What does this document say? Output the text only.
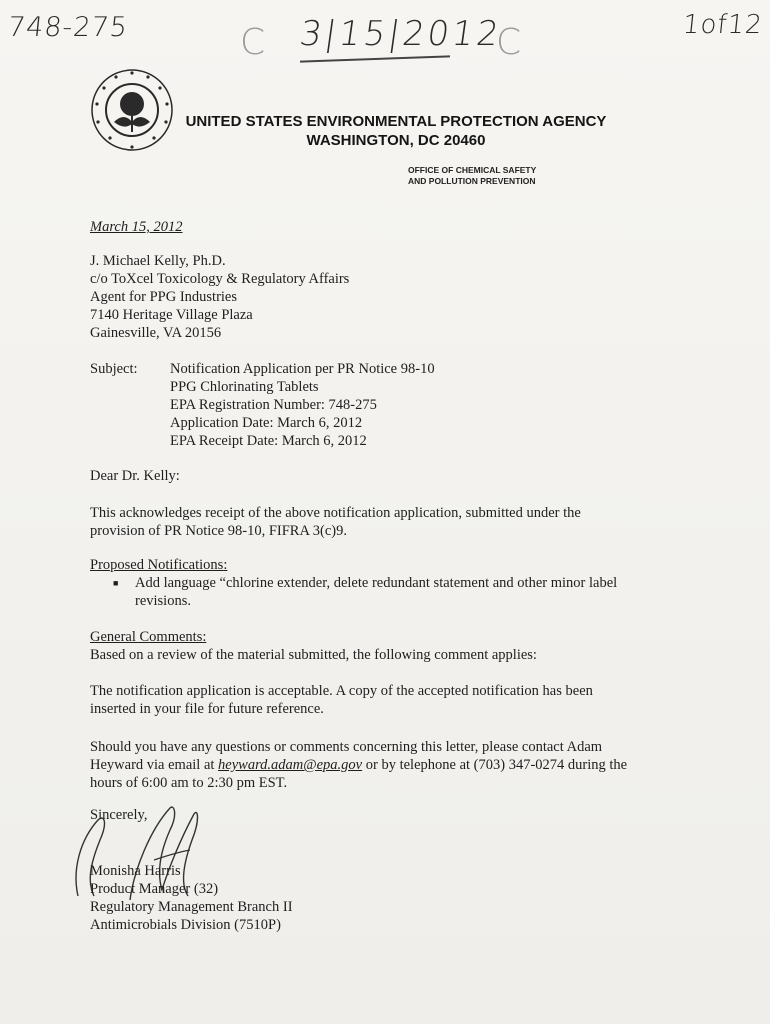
748-275	C 3|15|2012
C	1of12
UNITED STATES ENVIRONMENTAL PROTECTION AGENCY
WASHINGTON, DC 20460
OFFICE OF CHEMICAL SAFETY
AND POLLUTION PREVENTION
March 15, 2012
J. Michael Kelly, Ph.D.
c/o ToXcel Toxicology & Regulatory Affairs
Agent for PPG Industries
7140 Heritage Village Plaza
Gainesville, VA 20156
Subject:	Notification Application per PR Notice 98-10
PPG Chlorinating Tablets
EPA Registration Number: 748-275
Application Date: March 6, 2012
EPA Receipt Date: March 6, 2012
Dear Dr. Kelly:
This acknowledges receipt of the above notification application, submitted under the
provision of PR Notice 98-10, FIFRA 3(c)9.
Proposed Notifications:
■	Add language “chlorine extender, delete redundant statement and other minor label
revisions.
General Comments:
Based on a review of the material submitted, the following comment applies:
The notification application is acceptable. A copy of the accepted notification has been
inserted in your file for future reference.
Should you have any questions or comments concerning this letter, please contact Adam
Heyward via email at heyward.adam@epa.gov or by telephone at (703) 347-0274 during the
hours of 6:00 am to 2:30 pm EST.
Sincerely,
Monisha Harris
Product Manager (32)
Regulatory Management Branch II
Antimicrobials Division (7510P)
